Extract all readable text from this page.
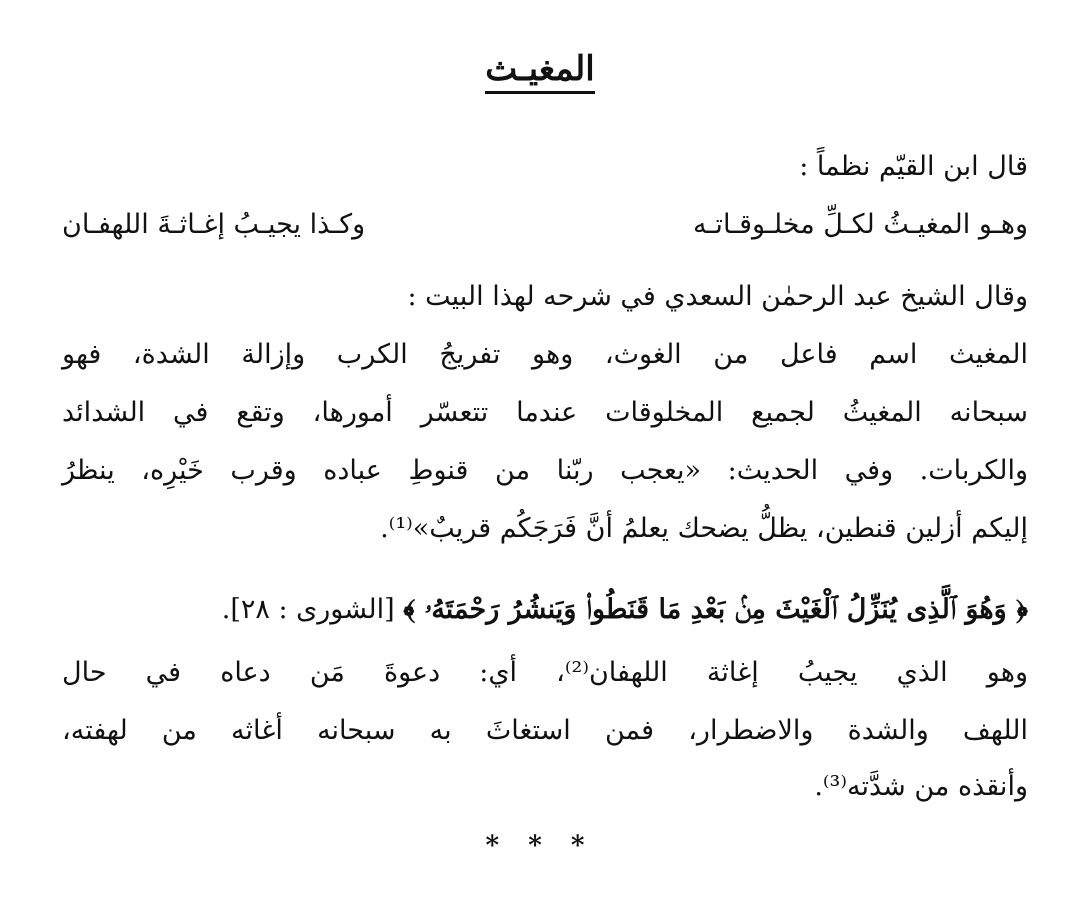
المغيـث
قال ابن القيّم نظماً :
وهـو المغيـثُ لكـلِّ مخلـوقـاتـه
وكـذا يجيـبُ إغـاثـةَ اللهفـان
وقال الشيخ عبد الرحمٰن السعدي في شرحه لهذا البيت :
المغيث اسم فاعل من الغوث، وهو تفريجُ الكرب وإزالة الشدة، فهو
سبحانه المغيثُ لجميع المخلوقات عندما تتعسّر أمورها، وتقع في الشدائد
والكربات. وفي الحديث: «يعجب ربّنا من قنوطِ عباده وقرب خَيْرِه، ينظرُ
إليكم أزلين قنطين، يظلُّ يضحك يعلمُ أنَّ فَرَجَكُم قريبٌ»⁽¹⁾.
﴿ وَهُوَ ٱلَّذِى يُنَزِّلُ ٱلْغَيْثَ مِنۢ بَعْدِ مَا قَنَطُوا۟ وَيَنشُرُ رَحْمَتَهُۥ ﴾ [الشورى : ٢٨].
وهو الذي يجيبُ إغاثة اللهفان⁽²⁾، أي: دعوةَ مَن دعاه في حال
اللهف والشدة والاضطرار، فمن استغاثَ به سبحانه أغاثه من لهفته،
وأنقذه من شدَّته⁽³⁾.
* * *
